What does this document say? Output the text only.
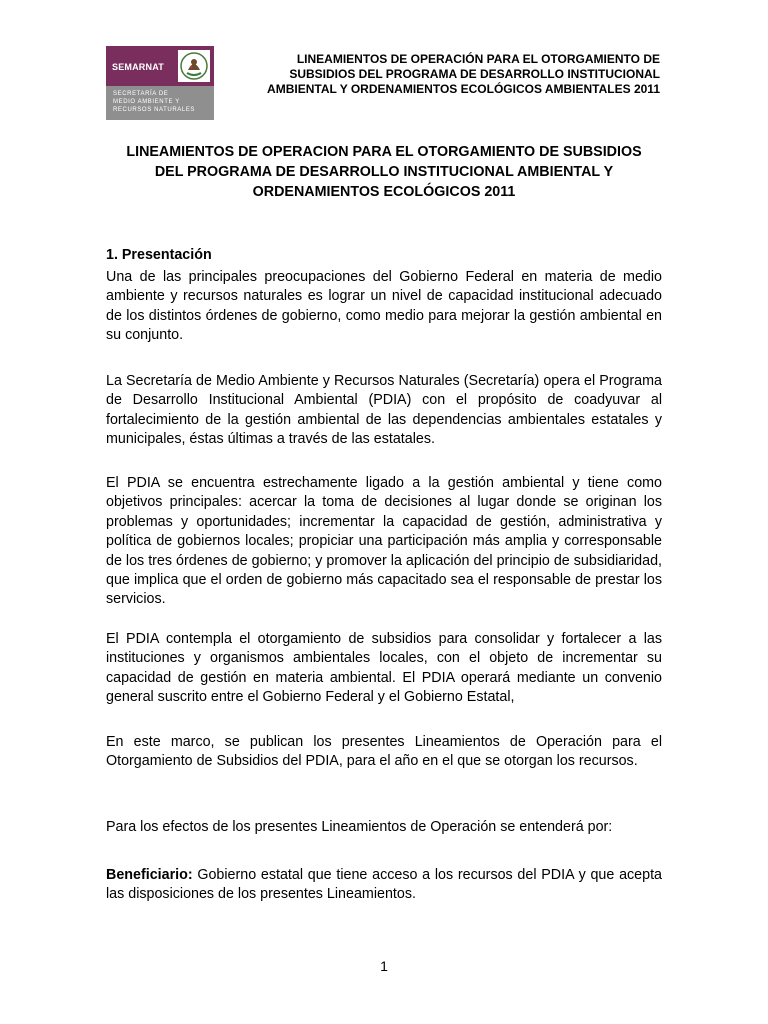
SEMARNAT
SECRETARÍA DE
MEDIO AMBIENTE Y
RECURSOS NATURALES
LINEAMIENTOS DE OPERACIÓN PARA EL OTORGAMIENTO DE
SUBSIDIOS DEL PROGRAMA DE DESARROLLO INSTITUCIONAL
AMBIENTAL Y ORDENAMIENTOS ECOLÓGICOS AMBIENTALES 2011
LINEAMIENTOS DE OPERACION PARA EL OTORGAMIENTO DE SUBSIDIOS
DEL PROGRAMA DE DESARROLLO INSTITUCIONAL AMBIENTAL Y
ORDENAMIENTOS ECOLÓGICOS 2011
1. Presentación
Una de las principales preocupaciones del Gobierno Federal en materia de medio ambiente y recursos naturales es lograr un nivel de capacidad institucional adecuado de los distintos órdenes de gobierno, como medio para mejorar la gestión ambiental en su conjunto.
La Secretaría de Medio Ambiente y Recursos Naturales (Secretaría) opera el Programa de Desarrollo Institucional Ambiental (PDIA) con el propósito de coadyuvar al fortalecimiento de la gestión ambiental de las dependencias ambientales estatales y municipales, éstas últimas a través de las estatales.
El PDIA se encuentra estrechamente ligado a la gestión ambiental y tiene como objetivos principales: acercar la toma de decisiones al lugar donde se originan los problemas y oportunidades; incrementar la capacidad de gestión, administrativa y política de gobiernos locales; propiciar una participación más amplia y corresponsable de los tres órdenes de gobierno; y promover la aplicación del principio de subsidiaridad, que implica que el orden de gobierno más capacitado sea el responsable de prestar los servicios.
El PDIA contempla el otorgamiento de subsidios para consolidar y fortalecer a las instituciones y organismos ambientales locales, con el objeto de incrementar su capacidad de gestión en materia ambiental. El PDIA operará mediante un convenio general suscrito entre el Gobierno Federal y el Gobierno Estatal,
En este marco, se publican los presentes Lineamientos de Operación para el Otorgamiento de Subsidios del PDIA, para el año en el que se otorgan los recursos.
Para los efectos de los presentes Lineamientos de Operación se entenderá por:
Beneficiario: Gobierno estatal que tiene acceso a los recursos del PDIA y que acepta las disposiciones de los presentes Lineamientos.
1
